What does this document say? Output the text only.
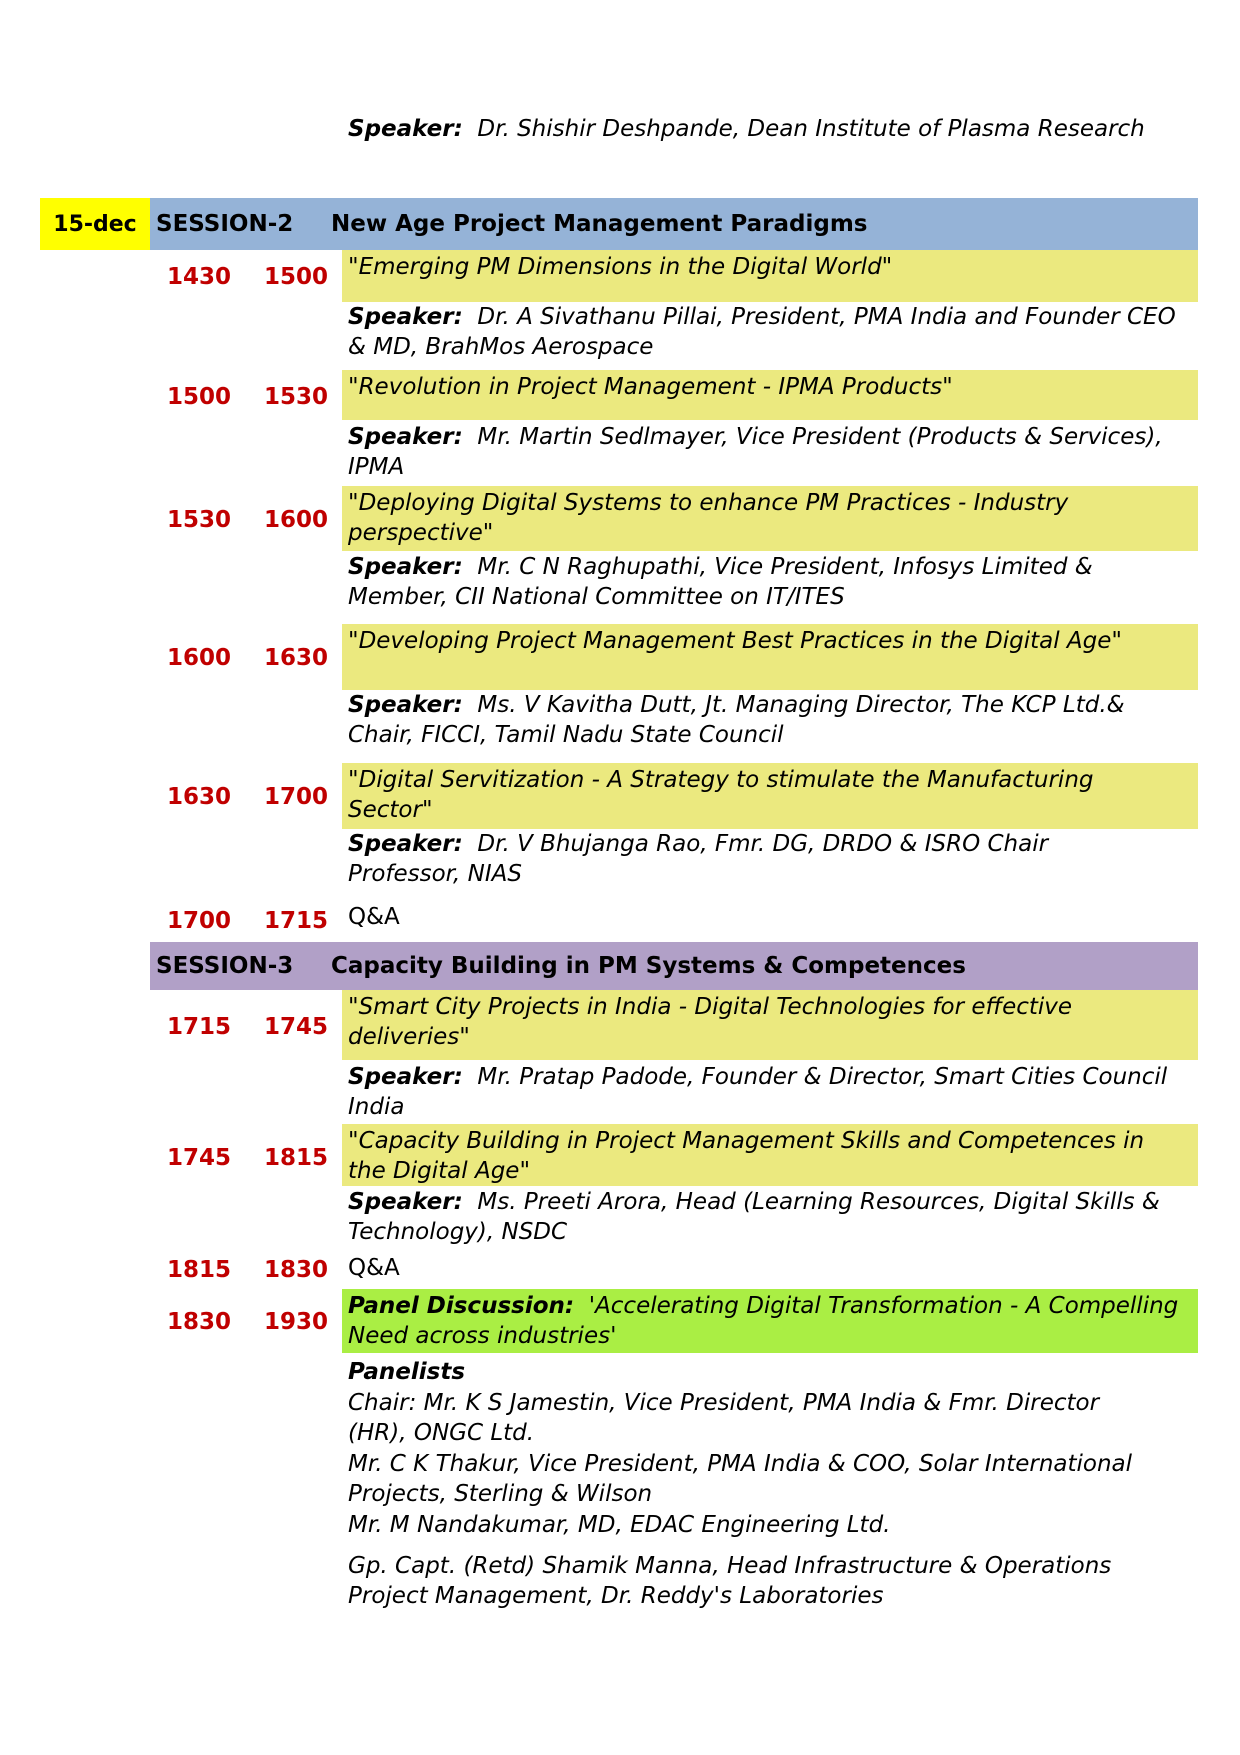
Speaker: Dr. Shishir Deshpande, Dean Institute of Plasma Research
15-dec SESSION-2	New Age Project Management Paradigms
1430 1500 "Emerging PM Dimensions in the Digital World"
Speaker: Dr. A Sivathanu Pillai, President, PMA India and Founder CEO & MD, BrahMos Aerospace
1500 1530 "Revolution in Project Management - IPMA Products"
Speaker: Mr. Martin Sedlmayer, Vice President (Products & Services), IPMA
1530 1600
"Deploying Digital Systems to enhance PM Practices - Industry perspective"
Speaker: Mr. C N Raghupathi, Vice President, Infosys Limited & Member, CII National Committee on IT/ITES
1600 1630
"Developing Project Management Best Practices in the Digital Age"
Speaker: Ms. V Kavitha Dutt, Jt. Managing Director, The KCP Ltd.& Chair, FICCI, Tamil Nadu State Council
1630 1700
"Digital Servitization - A Strategy to stimulate the Manufacturing Sector"
Speaker: Dr. V Bhujanga Rao, Fmr. DG, DRDO & ISRO Chair Professor, NIAS
1700 1715 Q&A
SESSION-3	Capacity Building in PM Systems & Competences
1715 1745
"Smart City Projects in India - Digital Technologies for effective deliveries"
Speaker: Mr. Pratap Padode, Founder & Director, Smart Cities Council India
1745 1815
"Capacity Building in Project Management Skills and Competences in the Digital Age"
Speaker: Ms. Preeti Arora, Head (Learning Resources, Digital Skills & Technology), NSDC
1815 1830 Q&A
1830 1930
Panel Discussion: 'Accelerating Digital Transformation - A Compelling Need across industries'
Panelists
Chair: Mr. K S Jamestin, Vice President, PMA India & Fmr. Director (HR), ONGC Ltd.
Mr. C K Thakur, Vice President, PMA India & COO, Solar International Projects, Sterling & Wilson
Mr. M Nandakumar, MD, EDAC Engineering Ltd.
Gp. Capt. (Retd) Shamik Manna, Head Infrastructure & Operations Project Management, Dr. Reddy's Laboratories
